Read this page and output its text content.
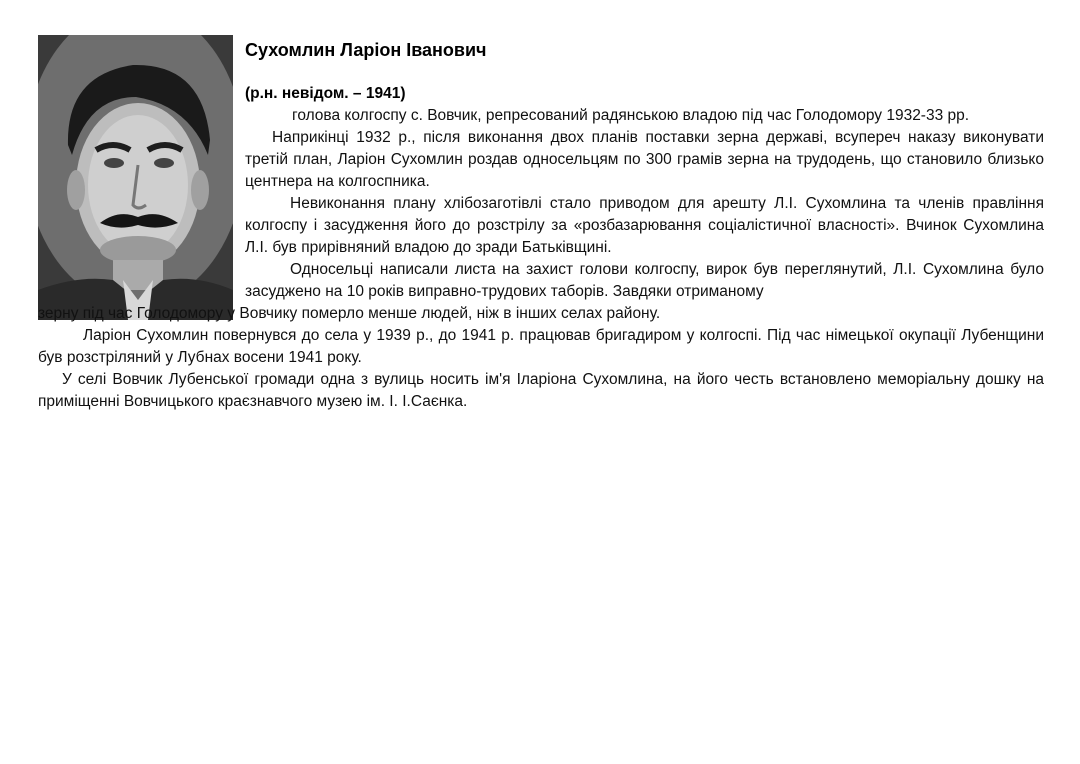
Сухомлин Ларіон Іванович
(р.н. невідом. – 1941)

голова колгоспу с. Вовчик, репресований радянською владою під час Голодомору 1932-33 рр.

Наприкінці 1932 р., після виконання двох планів поставки зерна державі, всупереч наказу виконувати третій план, Ларіон Сухомлин роздав односельцям по 300 грамів зерна на трудодень, що становило близько центнера на колгоспника.

Невиконання плану хлібозаготівлі стало приводом для арешту Л.І. Сухомлина та членів правління колгоспу і засудження його до розстрілу за «розбазарювання соціалістичної власності». Вчинок Сухомлина Л.І. був прирівняний владою до зради Батьківщині.

Односельці написали листа на захист голови колгоспу, вирок був переглянутий, Л.І. Сухомлина було засуджено на 10 років виправно-трудових таборів. Завдяки отриманому

зерну під час Голодомору у Вовчику померло менше людей, ніж в інших селах району.

Ларіон Сухомлин повернувся до села у 1939 р., до 1941 р. працював бригадиром у колгоспі. Під час німецької окупації Лубенщини був розстріляний у Лубнах восени 1941 року.

У селі Вовчик Лубенської громади одна з вулиць носить ім'я Іларіона Сухомлина, на його честь встановлено меморіальну дошку на приміщенні Вовчицького краєзнавчого музею ім. І. І.Саєнка.
